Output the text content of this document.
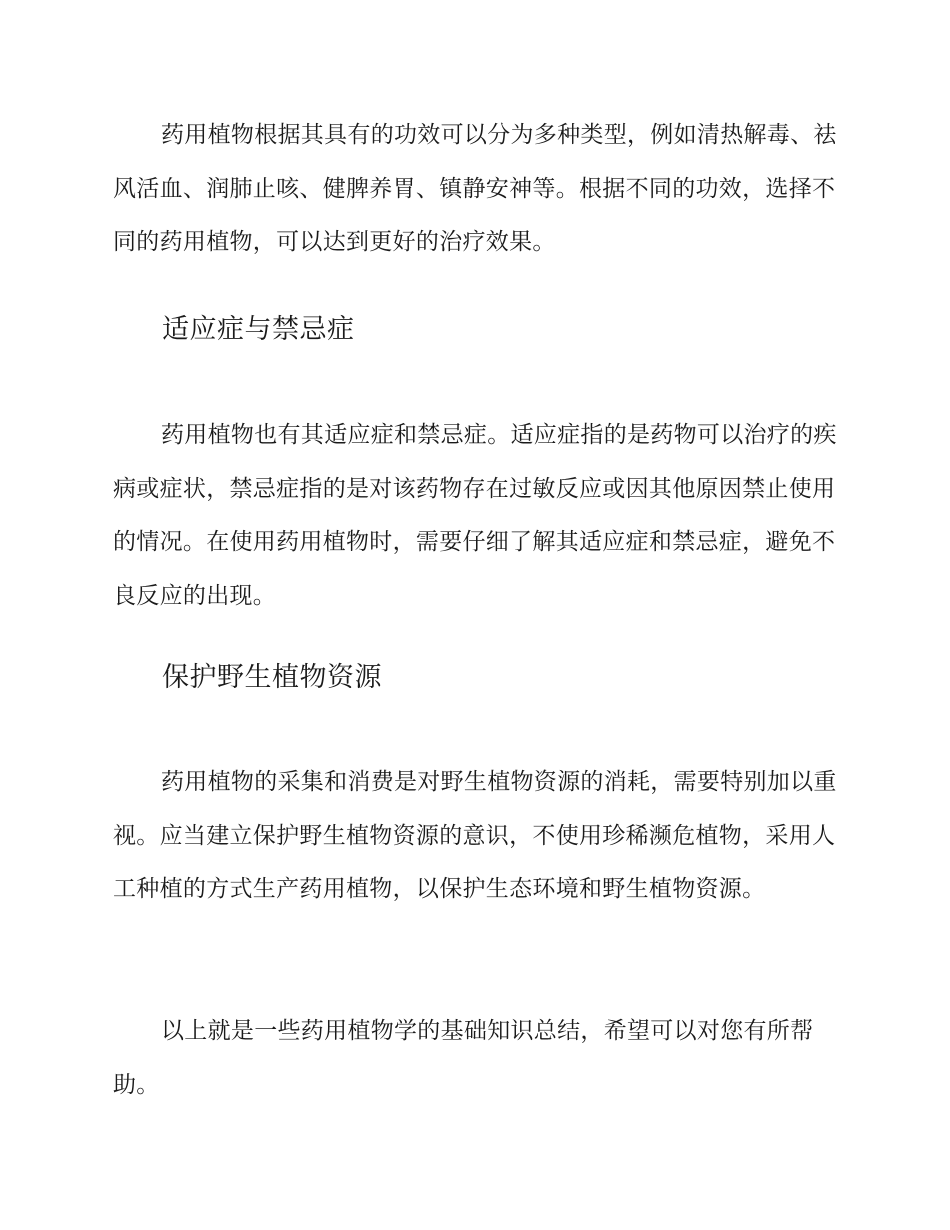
药用植物根据其具有的功效可以分为多种类型，例如清热解毒、祛风活血、润肺止咳、健脾养胃、镇静安神等。根据不同的功效，选择不同的药用植物，可以达到更好的治疗效果。

适应症与禁忌症

药用植物也有其适应症和禁忌症。适应症指的是药物可以治疗的疾病或症状，禁忌症指的是对该药物存在过敏反应或因其他原因禁止使用的情况。在使用药用植物时，需要仔细了解其适应症和禁忌症，避免不良反应的出现。

保护野生植物资源

药用植物的采集和消费是对野生植物资源的消耗，需要特别加以重视。应当建立保护野生植物资源的意识，不使用珍稀濒危植物，采用人工种植的方式生产药用植物，以保护生态环境和野生植物资源。

以上就是一些药用植物学的基础知识总结，希望可以对您有所帮助。
